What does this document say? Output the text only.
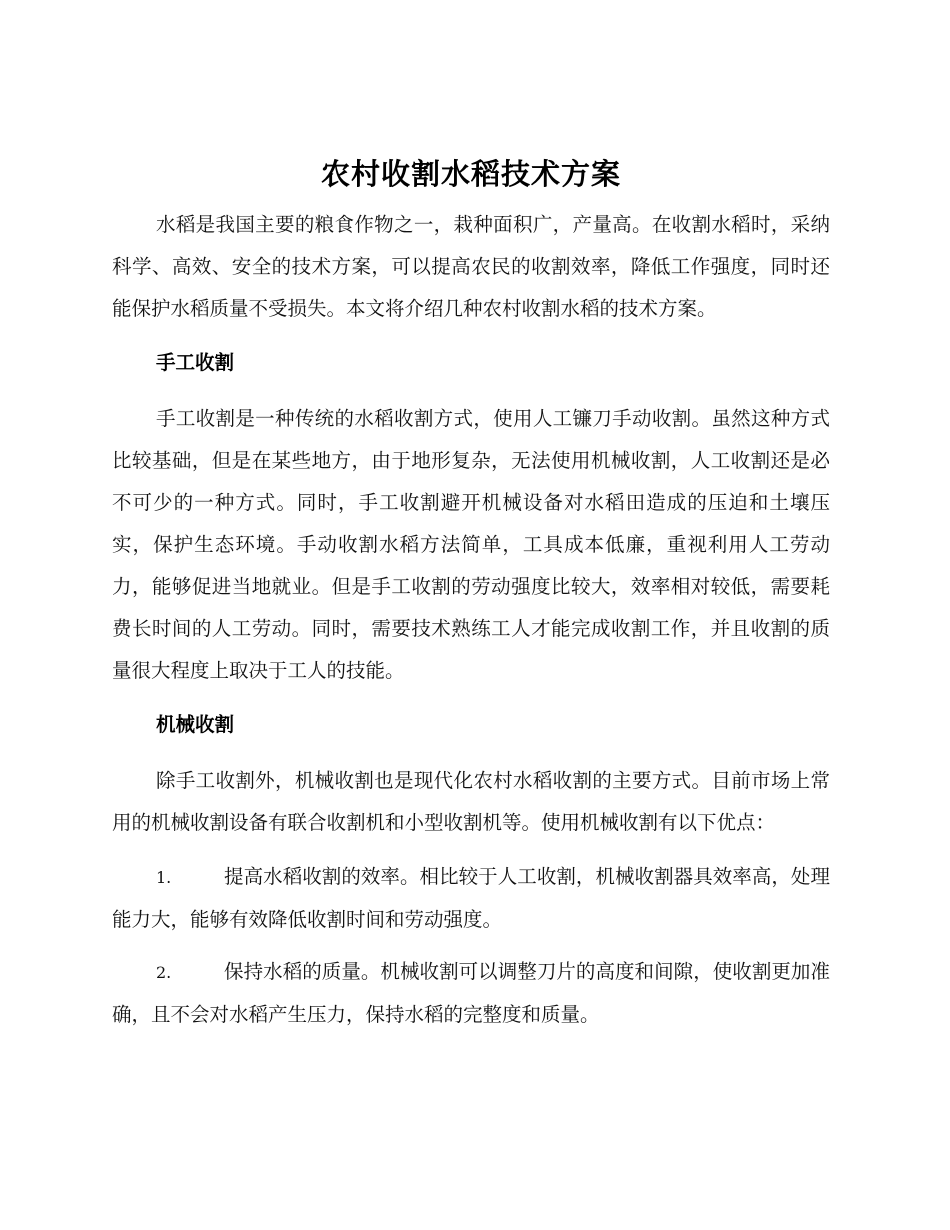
农村收割水稻技术方案

水稻是我国主要的粮食作物之一，栽种面积广，产量高。在收割水稻时，采纳科学、高效、安全的技术方案，可以提高农民的收割效率，降低工作强度，同时还能保护水稻质量不受损失。本文将介绍几种农村收割水稻的技术方案。

手工收割

手工收割是一种传统的水稻收割方式，使用人工镰刀手动收割。虽然这种方式比较基础，但是在某些地方，由于地形复杂，无法使用机械收割，人工收割还是必不可少的一种方式。同时，手工收割避开机械设备对水稻田造成的压迫和土壤压实，保护生态环境。手动收割水稻方法简单，工具成本低廉，重视利用人工劳动力，能够促进当地就业。但是手工收割的劳动强度比较大，效率相对较低，需要耗费长时间的人工劳动。同时，需要技术熟练工人才能完成收割工作，并且收割的质量很大程度上取决于工人的技能。

机械收割

除手工收割外，机械收割也是现代化农村水稻收割的主要方式。目前市场上常用的机械收割设备有联合收割机和小型收割机等。使用机械收割有以下优点：

1.	提高水稻收割的效率。相比较于人工收割，机械收割器具效率高，处理能力大，能够有效降低收割时间和劳动强度。

2.	保持水稻的质量。机械收割可以调整刀片的高度和间隙，使收割更加准确，且不会对水稻产生压力，保持水稻的完整度和质量。
